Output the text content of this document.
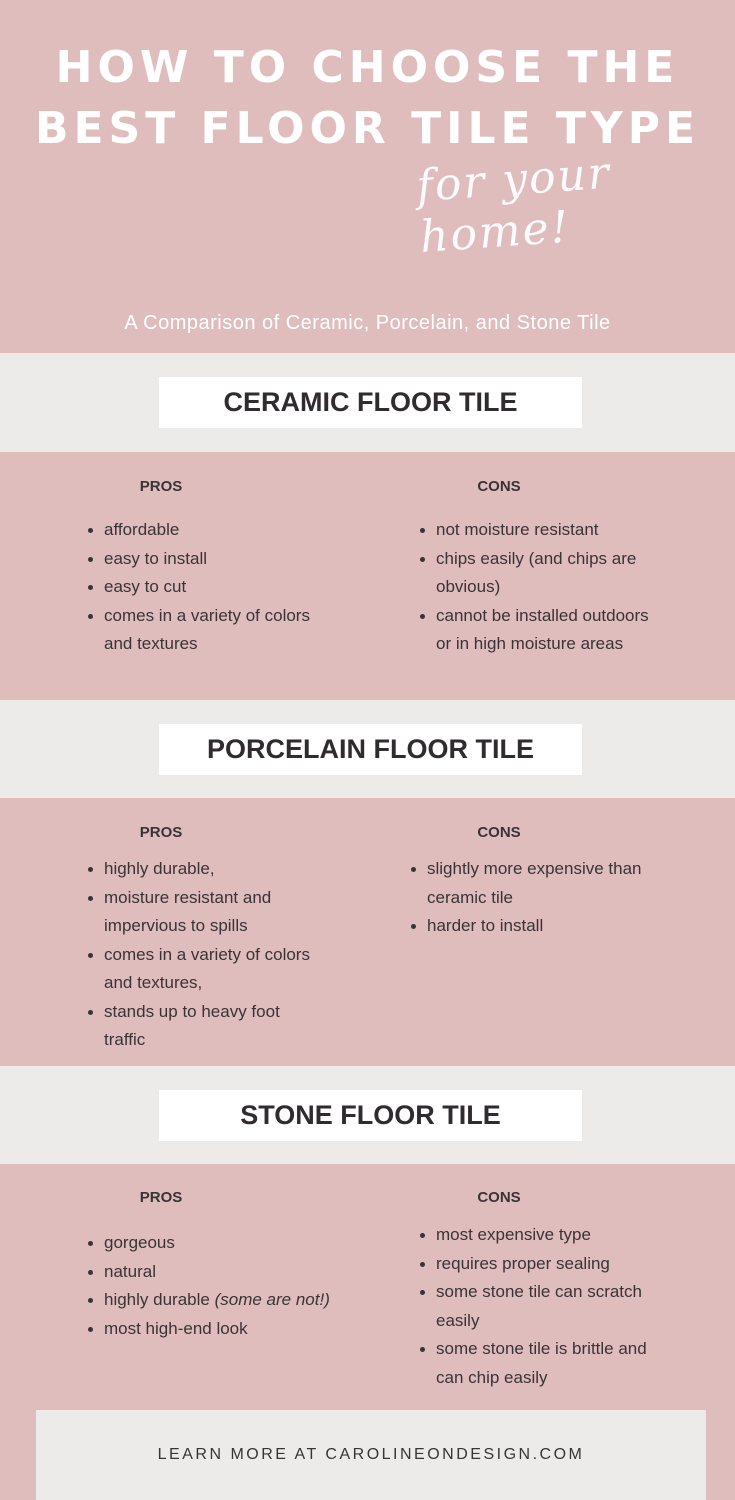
HOW TO CHOOSE THE
BEST FLOOR TILE TYPE
for your home!
A Comparison of Ceramic, Porcelain, and Stone Tile
CERAMIC FLOOR TILE
PROS	CONS
affordable
easy to install
easy to cut
comes in a variety of colors and textures
not moisture resistant
chips easily (and chips are obvious)
cannot be installed outdoors or in high moisture areas
PORCELAIN FLOOR TILE
PROS	CONS
highly durable,
moisture resistant and impervious to spills
comes in a variety of colors and textures,
stands up to heavy foot traffic
slightly more expensive than ceramic tile
harder to install
STONE FLOOR TILE
PROS	CONS
gorgeous
natural
highly durable (some are not!)
most high-end look
most expensive type
requires proper sealing
some stone tile can scratch easily
some stone tile is brittle and can chip easily
LEARN MORE AT CAROLINEONDESIGN.COM
